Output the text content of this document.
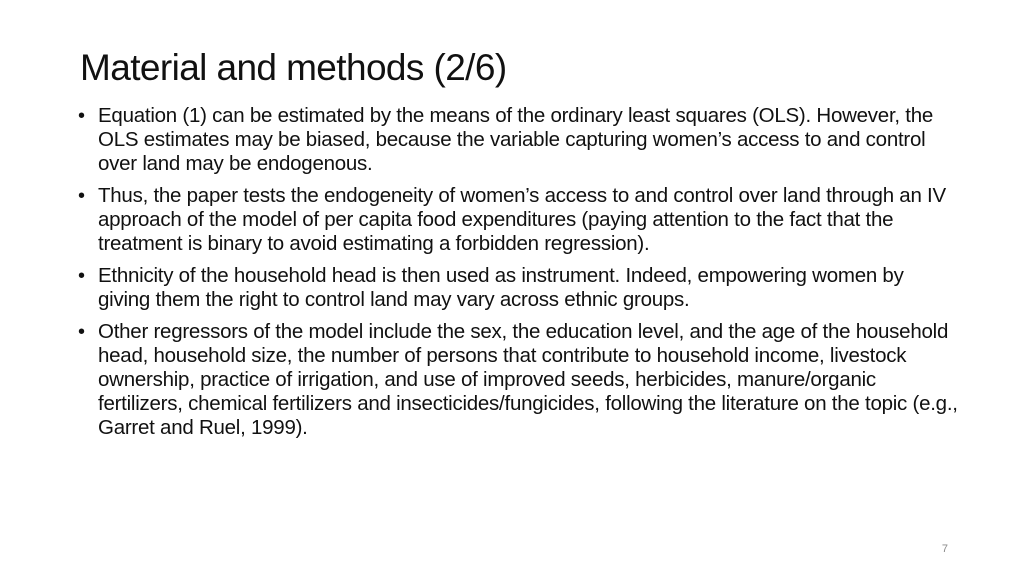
Material and methods (2/6)
• Equation (1) can be estimated by the means of the ordinary least squares (OLS). However, the OLS estimates may be biased, because the variable capturing women’s access to and control over land may be endogenous.
• Thus, the paper tests the endogeneity of women’s access to and control over land through an IV approach of the model of per capita food expenditures (paying attention to the fact that the treatment is binary to avoid estimating a forbidden regression).
• Ethnicity of the household head is then used as instrument. Indeed, empowering women by giving them the right to control land may vary across ethnic groups.
• Other regressors of the model include the sex, the education level, and the age of the household head, household size, the number of persons that contribute to household income, livestock ownership, practice of irrigation, and use of improved seeds, herbicides, manure/organic fertilizers, chemical fertilizers and insecticides/fungicides, following the literature on the topic (e.g., Garret and Ruel, 1999).
7
